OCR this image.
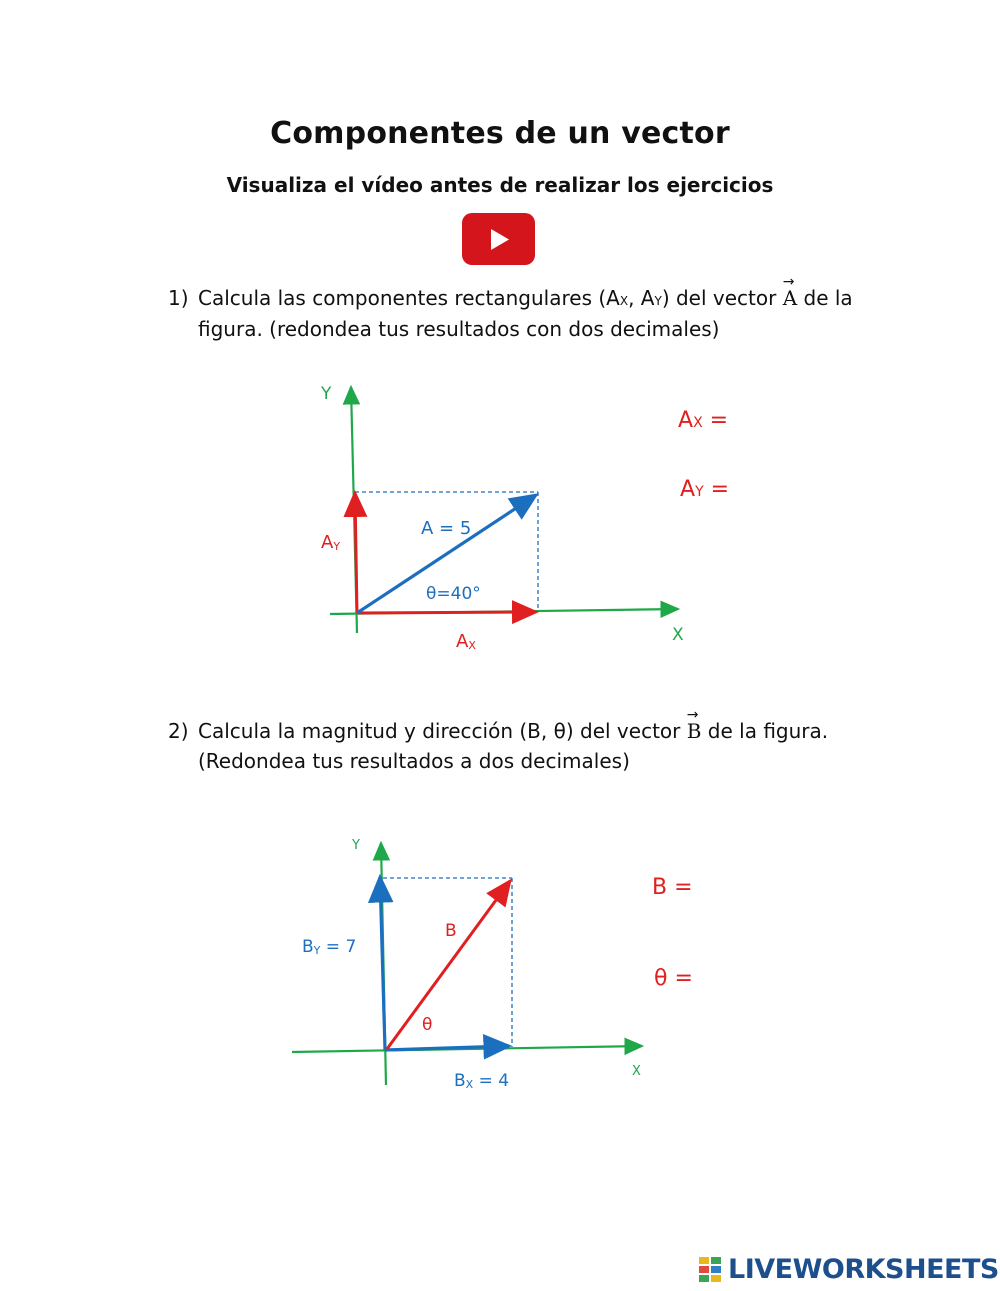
Componentes de un vector
Visualiza el vídeo antes de realizar los ejercicios
1) Calcula las componentes rectangulares (AX, AY) del vector
→
A de la
figura. (redondea tus resultados con dos decimales)
Y
X
A = 5
θ=40°
AY
AX
AX =
AY =
2) Calcula la magnitud y dirección (B, θ) del vector
→
B de la figura.
(Redondea tus resultados a dos decimales)
Y
X
B
θ
BY = 7
BX = 4
B =
θ =
LIVEWORKSHEETS
